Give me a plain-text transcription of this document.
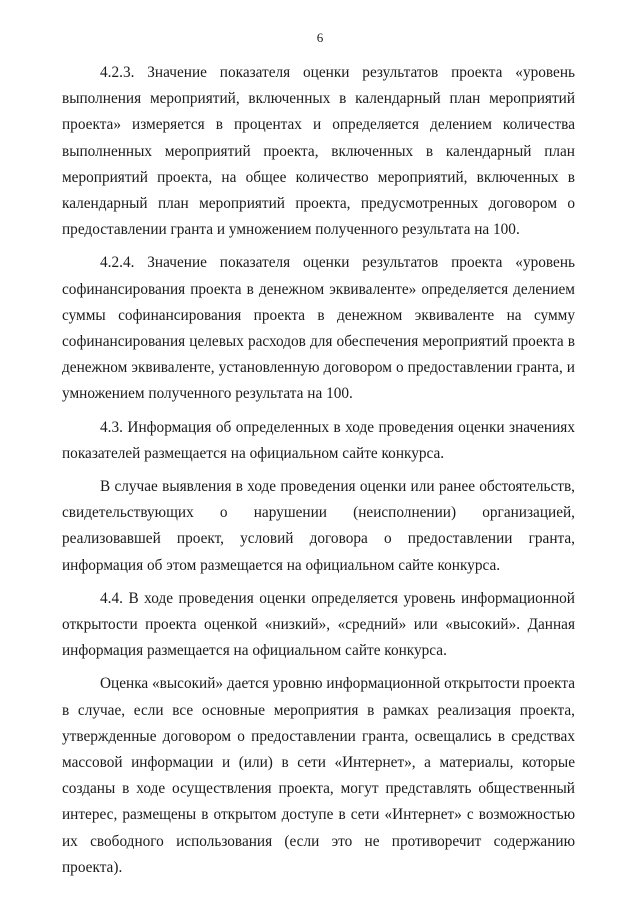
6

4.2.3. Значение показателя оценки результатов проекта «уровень выполнения мероприятий, включенных в календарный план мероприятий проекта» измеряется в процентах и определяется делением количества выполненных мероприятий проекта, включенных в календарный план мероприятий проекта, на общее количество мероприятий, включенных в календарный план мероприятий проекта, предусмотренных договором о предоставлении гранта и умножением полученного результата на 100.

4.2.4. Значение показателя оценки результатов проекта «уровень софинансирования проекта в денежном эквиваленте» определяется делением суммы софинансирования проекта в денежном эквиваленте на сумму софинансирования целевых расходов для обеспечения мероприятий проекта в денежном эквиваленте, установленную договором о предоставлении гранта, и умножением полученного результата на 100.

4.3. Информация об определенных в ходе проведения оценки значениях показателей размещается на официальном сайте конкурса.

В случае выявления в ходе проведения оценки или ранее обстоятельств, свидетельствующих о нарушении (неисполнении) организацией, реализовавшей проект, условий договора о предоставлении гранта, информация об этом размещается на официальном сайте конкурса.

4.4. В ходе проведения оценки определяется уровень информационной открытости проекта оценкой «низкий», «средний» или «высокий». Данная информация размещается на официальном сайте конкурса.

Оценка «высокий» дается уровню информационной открытости проекта в случае, если все основные мероприятия в рамках реализация проекта, утвержденные договором о предоставлении гранта, освещались в средствах массовой информации и (или) в сети «Интернет», а материалы, которые созданы в ходе осуществления проекта, могут представлять общественный интерес, размещены в открытом доступе в сети «Интернет» с возможностью их свободного использования (если это не противоречит содержанию проекта).
